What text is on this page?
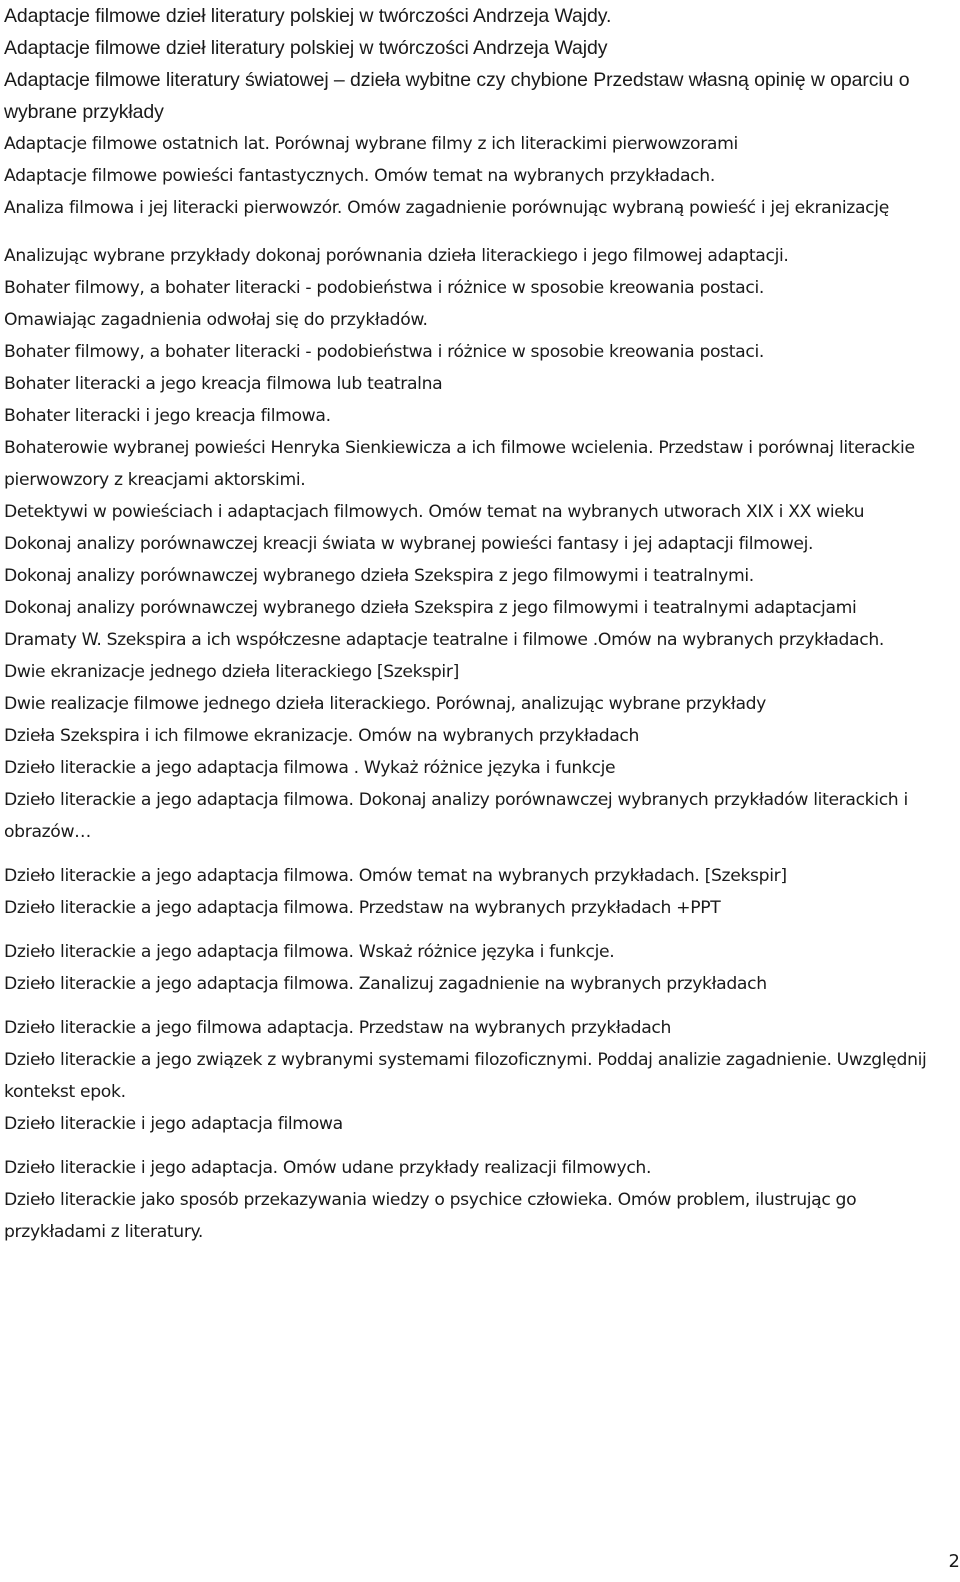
Adaptacje filmowe dzieł literatury polskiej w twórczości Andrzeja Wajdy.

Adaptacje filmowe dzieł literatury polskiej w twórczości Andrzeja Wajdy

Adaptacje filmowe literatury światowej – dzieła wybitne czy chybione Przedstaw własną opinię w oparciu o wybrane przykłady

Adaptacje filmowe ostatnich lat. Porównaj wybrane filmy z ich literackimi pierwowzorami

Adaptacje filmowe powieści fantastycznych. Omów temat na wybranych przykładach.

Analiza filmowa i jej literacki pierwowzór. Omów zagadnienie porównując wybraną powieść i jej ekranizację

Analizując wybrane przykłady dokonaj porównania dzieła literackiego i jego filmowej adaptacji.

Bohater filmowy, a bohater literacki - podobieństwa i różnice w sposobie kreowania postaci.

Omawiając zagadnienia odwołaj się do przykładów.

Bohater filmowy, a bohater literacki - podobieństwa i różnice w sposobie kreowania postaci.

Bohater literacki a jego kreacja filmowa lub teatralna

Bohater literacki i jego kreacja filmowa.

Bohaterowie wybranej powieści Henryka Sienkiewicza a ich filmowe wcielenia. Przedstaw i porównaj literackie pierwowzory z kreacjami aktorskimi.

Detektywi w powieściach i adaptacjach filmowych. Omów temat na wybranych utworach XIX i XX wieku

Dokonaj analizy porównawczej kreacji świata w wybranej powieści fantasy i jej adaptacji filmowej.

Dokonaj analizy porównawczej wybranego dzieła Szekspira z jego filmowymi i teatralnymi.

Dokonaj analizy porównawczej wybranego dzieła Szekspira z jego filmowymi i teatralnymi adaptacjami

Dramaty W. Szekspira a ich współczesne adaptacje teatralne i filmowe .Omów na wybranych przykładach.

Dwie ekranizacje jednego dzieła literackiego [Szekspir]

Dwie realizacje filmowe jednego dzieła literackiego. Porównaj, analizując wybrane przykłady

Dzieła Szekspira i ich filmowe ekranizacje. Omów na wybranych przykładach

Dzieło literackie a jego adaptacja filmowa . Wykaż różnice języka i funkcje

Dzieło literackie a jego adaptacja filmowa. Dokonaj analizy porównawczej wybranych przykładów literackich i obrazów…

Dzieło literackie a jego adaptacja filmowa. Omów temat na wybranych przykładach. [Szekspir]

Dzieło literackie a jego adaptacja filmowa. Przedstaw na wybranych przykładach +PPT

Dzieło literackie a jego adaptacja filmowa. Wskaż różnice języka i funkcje.

Dzieło literackie a jego adaptacja filmowa. Zanalizuj zagadnienie na wybranych przykładach

Dzieło literackie a jego filmowa adaptacja. Przedstaw na wybranych przykładach

Dzieło literackie a jego związek z wybranymi systemami filozoficznymi. Poddaj analizie zagadnienie. Uwzględnij kontekst epok.

Dzieło literackie i jego adaptacja filmowa

Dzieło literackie i jego adaptacja. Omów udane przykłady realizacji filmowych.

Dzieło literackie jako sposób przekazywania wiedzy o psychice człowieka. Omów problem, ilustrując go przykładami z literatury.

2
